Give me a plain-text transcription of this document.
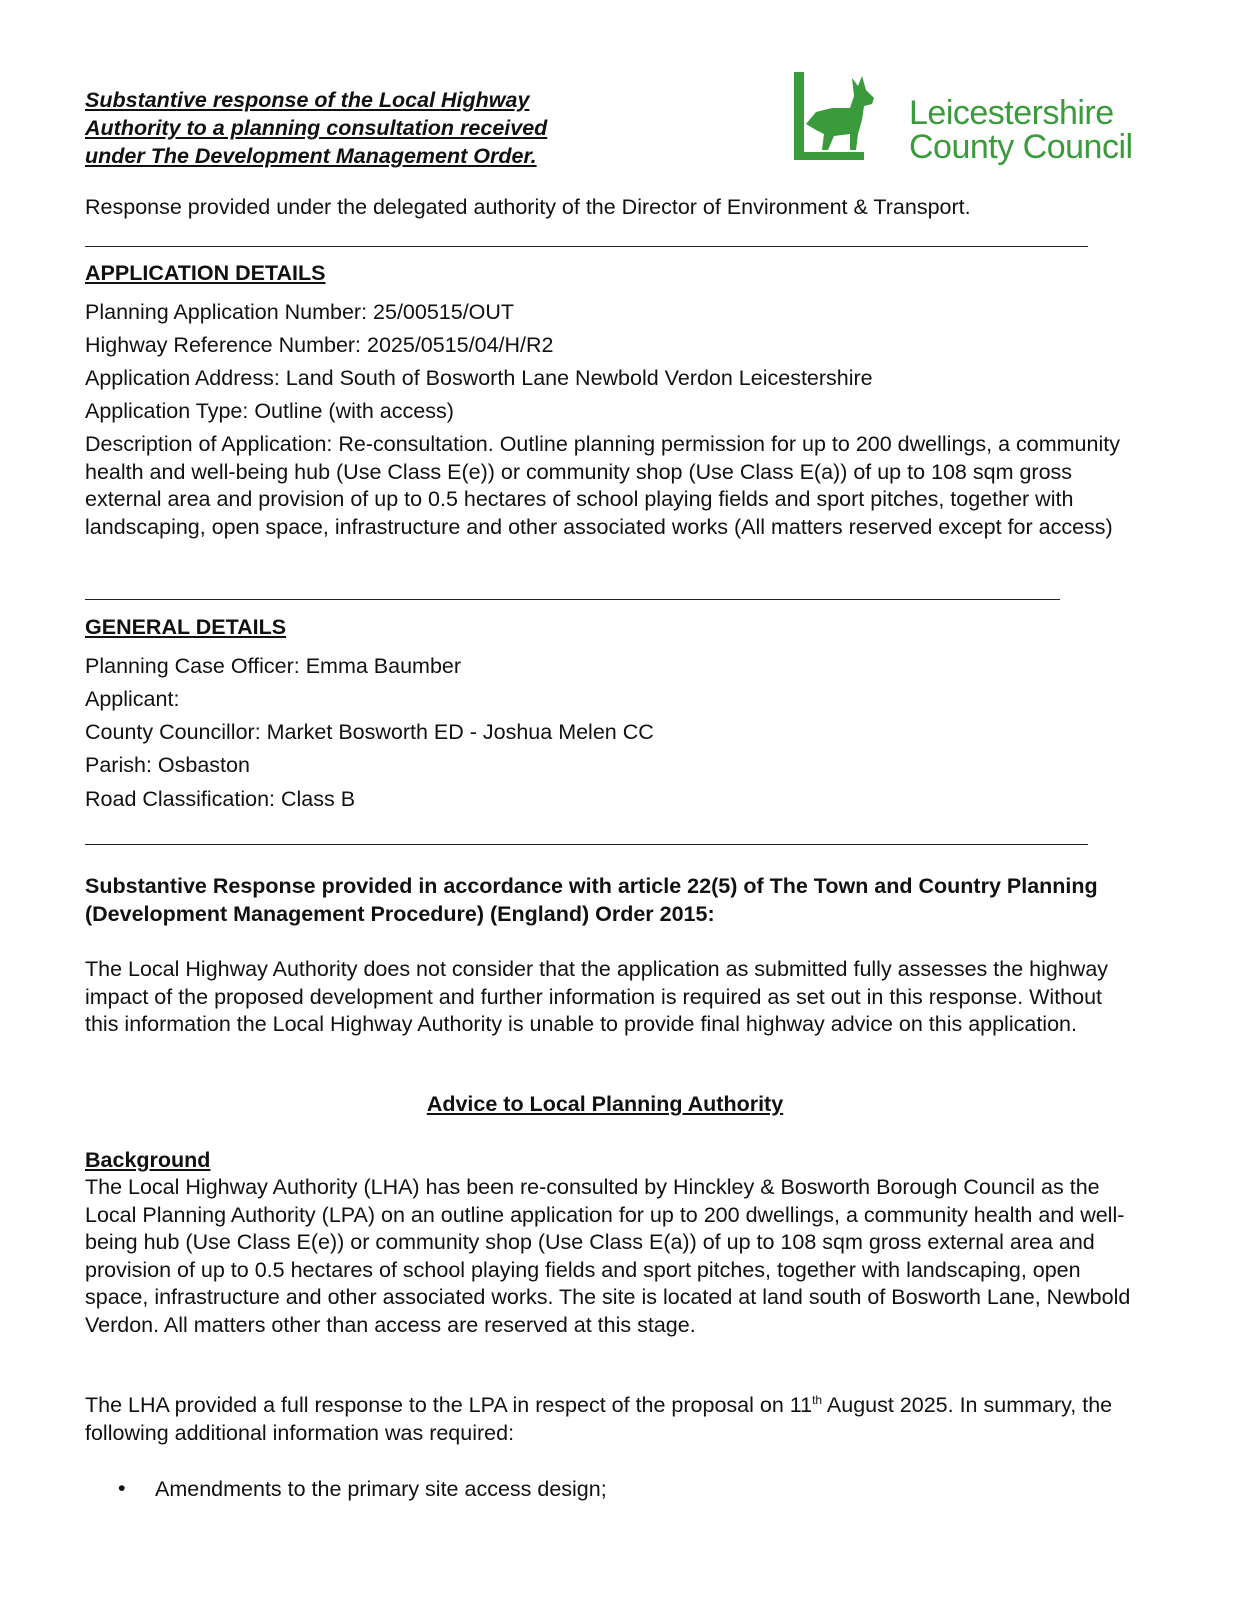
Substantive response of the Local Highway
Authority to a planning consultation received
under The Development Management Order.
Leicestershire
County Council
Response provided under the delegated authority of the Director of Environment & Transport.
APPLICATION DETAILS
Planning Application Number: 25/00515/OUT
Highway Reference Number: 2025/0515/04/H/R2
Application Address: Land South of Bosworth Lane Newbold Verdon Leicestershire
Application Type: Outline (with access)
Description of Application: Re-consultation. Outline planning permission for up to 200 dwellings, a community health and well-being hub (Use Class E(e)) or community shop (Use Class E(a)) of up to 108 sqm gross external area and provision of up to 0.5 hectares of school playing fields and sport pitches, together with landscaping, open space, infrastructure and other associated works (All matters reserved except for access)
GENERAL DETAILS
Planning Case Officer: Emma Baumber
Applicant:
County Councillor: Market Bosworth ED - Joshua Melen CC
Parish: Osbaston
Road Classification: Class B
Substantive Response provided in accordance with article 22(5) of The Town and Country Planning (Development Management Procedure) (England) Order 2015:
The Local Highway Authority does not consider that the application as submitted fully assesses the highway impact of the proposed development and further information is required as set out in this response. Without this information the Local Highway Authority is unable to provide final highway advice on this application.
Advice to Local Planning Authority
Background
The Local Highway Authority (LHA) has been re-consulted by Hinckley & Bosworth Borough Council as the Local Planning Authority (LPA) on an outline application for up to 200 dwellings, a community health and well-being hub (Use Class E(e)) or community shop (Use Class E(a)) of up to 108 sqm gross external area and provision of up to 0.5 hectares of school playing fields and sport pitches, together with landscaping, open space, infrastructure and other associated works. The site is located at land south of Bosworth Lane, Newbold Verdon. All matters other than access are reserved at this stage.
The LHA provided a full response to the LPA in respect of the proposal on 11th August 2025. In summary, the following additional information was required:
• Amendments to the primary site access design;
